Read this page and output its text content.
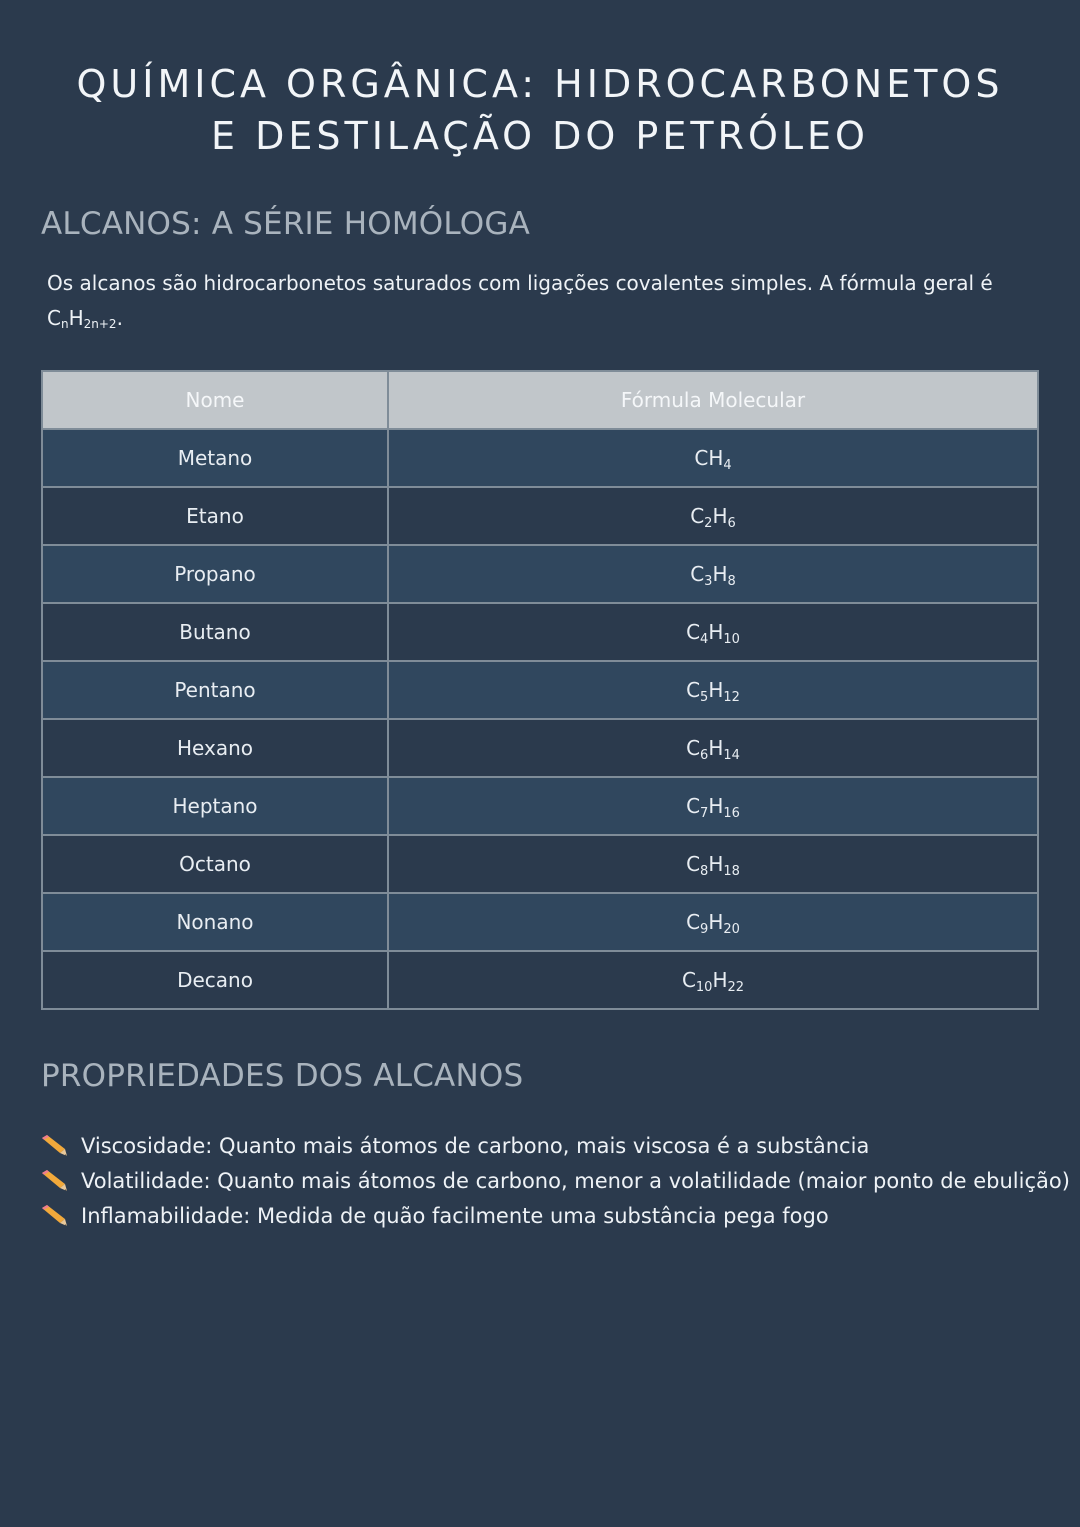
QUÍMICA ORGÂNICA: HIDROCARBONETOS E DESTILAÇÃO DO PETRÓLEO
ALCANOS: A SÉRIE HOMÓLOGA

Os alcanos são hidrocarbonetos saturados com ligações covalentes simples. A fórmula geral é $C_nH_{2n+2}$.

Nome	Fórmula Molecular
Metano	$CH_4$
Etano	$C_2H_6$
Propano	$C_3H_8$
Butano	$C_4H_{10}$
Pentano	$C_5H_{12}$
Hexano	$C_6H_{14}$
Heptano	$C_7H_{16}$
Octano	$C_8H_{18}$
Nonano	$C_9H_{20}$
Decano	$C_{10}H_{22}$
PROPRIEDADES DOS ALCANOS
Viscosidade: Quanto mais átomos de carbono, mais viscosa é a substância
Volatilidade: Quanto mais átomos de carbono, menor a volatilidade (maior ponto de ebulição)
Inflamabilidade: Medida de quão facilmente uma substância pega fogo
